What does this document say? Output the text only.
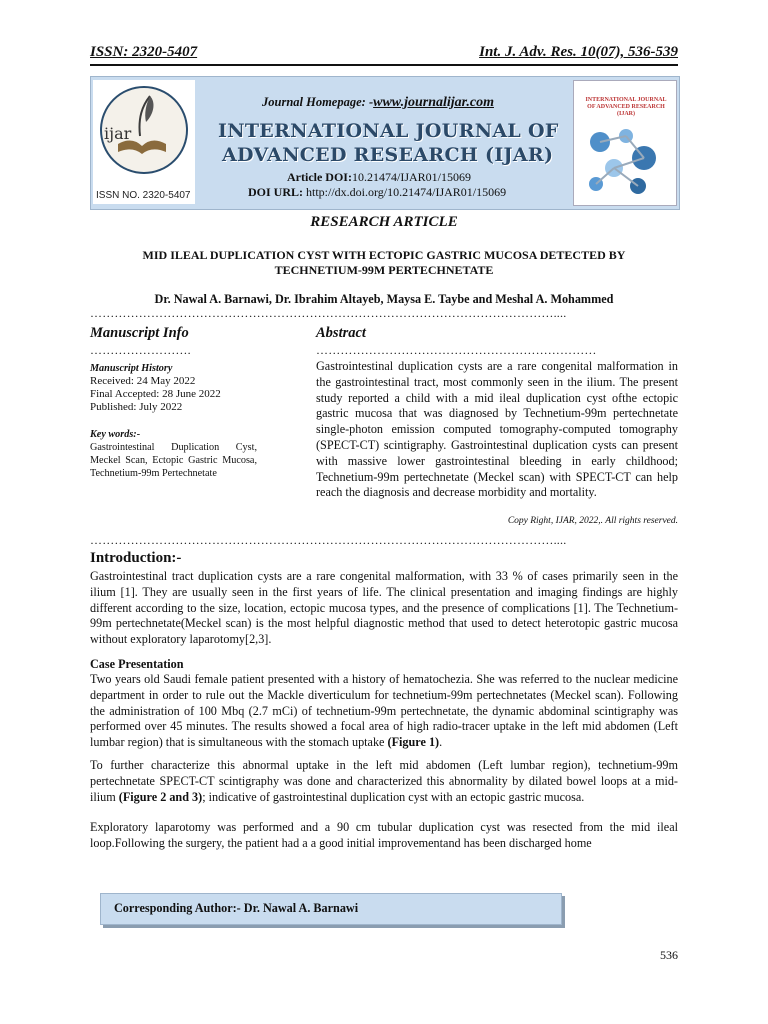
ISSN: 2320-5407	Int. J. Adv. Res. 10(07), 536-539
ijar
ISSN NO. 2320-5407
Journal Homepage: -www.journalijar.com
INTERNATIONAL JOURNAL OF
ADVANCED RESEARCH (IJAR)
Article DOI:10.21474/IJAR01/15069
DOI URL: http://dx.doi.org/10.21474/IJAR01/15069
INTERNATIONAL JOURNAL OF ADVANCED RESEARCH (IJAR)
RESEARCH ARTICLE
MID ILEAL DUPLICATION CYST WITH ECTOPIC GASTRIC MUCOSA DETECTED BY
TECHNETIUM-99M PERTECHNETATE
Dr. Nawal A. Barnawi, Dr. Ibrahim Altayeb, Maysa E. Taybe and Meshal A. Mohammed
……………………………………………………………………………………………………....
Manuscript Info
…………………….
Manuscript History
Received: 24 May 2022
Final Accepted: 28 June 2022
Published: July 2022
Key words:-
Gastrointestinal Duplication Cyst, Meckel Scan, Ectopic Gastric Mucosa, Technetium-99m Pertechnetate
Abstract
……………………………………………………………

Gastrointestinal duplication cysts are a rare congenital malformation in the gastrointestinal tract, most commonly seen in the ilium. The present study reported a child with a mid ileal duplication cyst ofthe ectopic gastric mucosa that was diagnosed by Technetium-99m pertechnetate single-photon emission computed tomography-computed tomography (SPECT-CT) scintigraphy. Gastrointestinal duplication cysts can present with massive lower gastrointestinal bleeding in early childhood; Technetium-99m pertechnetate (Meckel scan) with SPECT-CT can help reach the diagnosis and decrease morbidity and mortality.

Copy Right, IJAR, 2022,. All rights reserved.
……………………………………………………………………………………………………....
Introduction:-

Gastrointestinal tract duplication cysts are a rare congenital malformation, with 33 % of cases primarily seen in the ilium [1]. They are usually seen in the first years of life. The clinical presentation and imaging findings are highly different according to the size, location, ectopic mucosa types, and the presence of complications [1]. The Technetium-99m pertechnetate(Meckel scan) is the most helpful diagnostic method that used to detect heterotopic gastric mucosa without exploratory laparotomy[2,3].

Case Presentation

Two years old Saudi female patient presented with a history of hematochezia. She was referred to the nuclear medicine department in order to rule out the Mackle diverticulum for technetium-99m pertechnetates (Meckel scan). Following the administration of 100 Mbq (2.7 mCi) of technetium-99m pertechnetate, the dynamic abdominal scintigraphy was performed over 45 minutes. The results showed a focal area of high radio-tracer uptake in the left mid abdomen (Left lumbar region) that is simultaneous with the stomach uptake (Figure 1).

To further characterize this abnormal uptake in the left mid abdomen (Left lumbar region), technetium-99m pertechnetate SPECT-CT scintigraphy was done and characterized this abnormality by dilated bowel loops at a mid-ilium (Figure 2 and 3); indicative of gastrointestinal duplication cyst with an ectopic gastric mucosa.

Exploratory laparotomy was performed and a 90 cm tubular duplication cyst was resected from the mid ileal loop.Following the surgery, the patient had a a good initial improvementand has been discharged home

Corresponding Author:- Dr. Nawal A. Barnawi
536
